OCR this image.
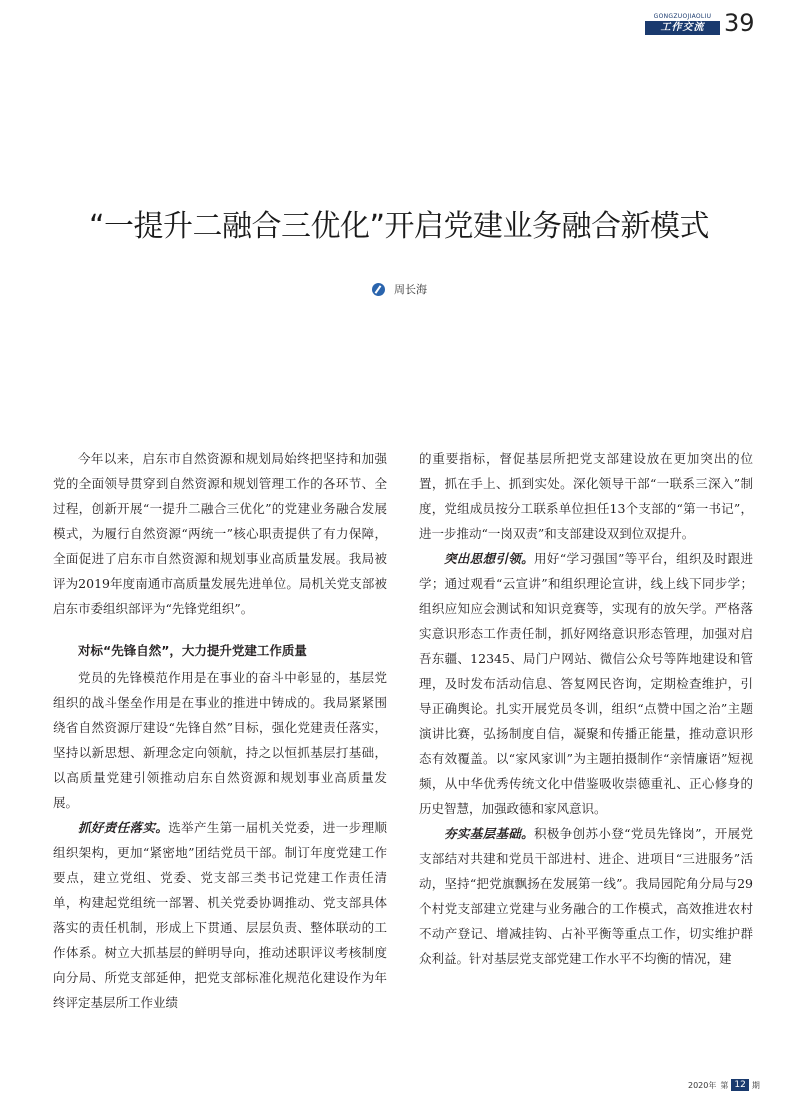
GONGZUOJIAOLIU
工作交流 39
“一提升二融合三优化”开启党建业务融合新模式
周长海

今年以来，启东市自然资源和规划局始终把坚持和加强党的全面领导贯穿到自然资源和规划管理工作的各环节、全过程，创新开展“一提升二融合三优化”的党建业务融合发展模式，为履行自然资源“两统一”核心职责提供了有力保障，全面促进了启东市自然资源和规划事业高质量发展。我局被评为2019年度南通市高质量发展先进单位。局机关党支部被启东市委组织部评为“先锋党组织”。

对标“先锋自然”，大力提升党建工作质量

党员的先锋模范作用是在事业的奋斗中彰显的，基层党组织的战斗堡垒作用是在事业的推进中铸成的。我局紧紧围绕省自然资源厅建设“先锋自然”目标，强化党建责任落实，坚持以新思想、新理念定向领航，持之以恒抓基层打基础，以高质量党建引领推动启东自然资源和规划事业高质量发展。

抓好责任落实。选举产生第一届机关党委，进一步理顺组织架构，更加“紧密地”团结党员干部。制订年度党建工作要点，建立党组、党委、党支部三类书记党建工作责任清单，构建起党组统一部署、机关党委协调推动、党支部具体落实的责任机制，形成上下贯通、层层负责、整体联动的工作体系。树立大抓基层的鲜明导向，推动述职评议考核制度向分局、所党支部延伸，把党支部标准化规范化建设作为年终评定基层所工作业绩

的重要指标，督促基层所把党支部建设放在更加突出的位置，抓在手上、抓到实处。深化领导干部“一联系三深入”制度，党组成员按分工联系单位担任13个支部的“第一书记”，进一步推动“一岗双责”和支部建设双到位双提升。

突出思想引领。用好“学习强国”等平台，组织及时跟进学；通过观看“云宣讲”和组织理论宣讲，线上线下同步学；组织应知应会测试和知识竞赛等，实现有的放矢学。严格落实意识形态工作责任制，抓好网络意识形态管理，加强对启吾东疆、12345、局门户网站、微信公众号等阵地建设和管理，及时发布活动信息、答复网民咨询，定期检查维护，引导正确舆论。扎实开展党员冬训，组织“点赞中国之治”主题演讲比赛，弘扬制度自信，凝聚和传播正能量，推动意识形态有效覆盖。以“家风家训”为主题拍摄制作“亲情廉语”短视频，从中华优秀传统文化中借鉴吸收崇德重礼、正心修身的历史智慧，加强政德和家风意识。

夯实基层基础。积极争创苏小登“党员先锋岗”，开展党支部结对共建和党员干部进村、进企、进项目“三进服务”活动，坚持“把党旗飘扬在发展第一线”。我局园陀角分局与29个村党支部建立党建与业务融合的工作模式，高效推进农村不动产登记、增减挂钩、占补平衡等重点工作，切实维护群众利益。针对基层党支部党建工作水平不均衡的情况，建

2020年 第 12 期
